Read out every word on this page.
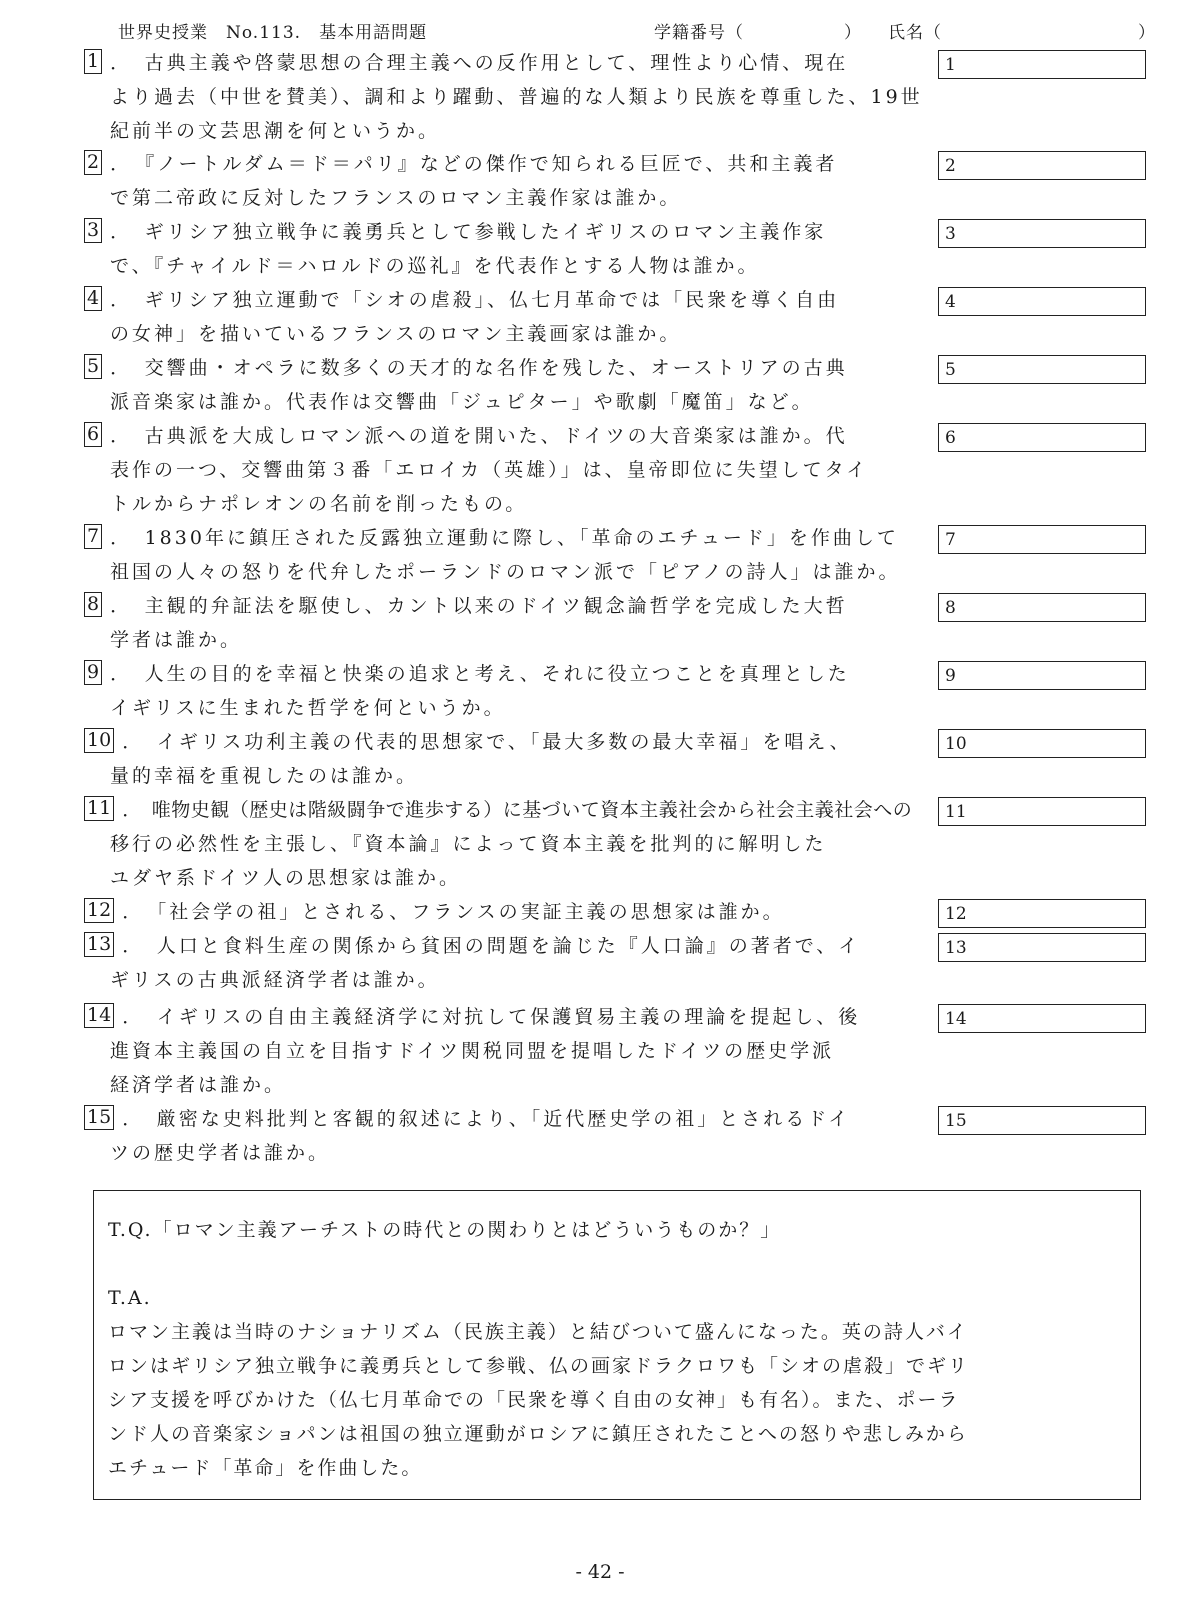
世界史授業　No.113.　基本用語問題	学籍番号（	） 氏名（	）
1 ．　古典主義や啓蒙思想の合理主義への反作用として、理性より心情、現在
より過去（中世を賛美）、調和より躍動、普遍的な人類より民族を尊重した、19世
紀前半の文芸思潮を何というか。
1
2 ．　『ノートルダム＝ド＝パリ』などの傑作で知られる巨匠で、共和主義者
で第二帝政に反対したフランスのロマン主義作家は誰か。
2
3 ．　ギリシア独立戦争に義勇兵として参戦したイギリスのロマン主義作家
で、『チャイルド＝ハロルドの巡礼』を代表作とする人物は誰か。
3
4 ．　ギリシア独立運動で「シオの虐殺」、仏七月革命では「民衆を導く自由
の女神」を描いているフランスのロマン主義画家は誰か。
4
5 ．　交響曲・オペラに数多くの天才的な名作を残した、オーストリアの古典
派音楽家は誰か。代表作は交響曲「ジュピター」や歌劇「魔笛」など。
5
6 ．　古典派を大成しロマン派への道を開いた、ドイツの大音楽家は誰か。代
表作の一つ、交響曲第３番「エロイカ（英雄）」は、皇帝即位に失望してタイ
トルからナポレオンの名前を削ったもの。
6
7 ．　1830年に鎮圧された反露独立運動に際し、「革命のエチュード」を作曲して
祖国の人々の怒りを代弁したポーランドのロマン派で「ピアノの詩人」は誰か。
7
8 ．　主観的弁証法を駆使し、カント以来のドイツ観念論哲学を完成した大哲
学者は誰か。
8
9 ．　人生の目的を幸福と快楽の追求と考え、それに役立つことを真理とした
イギリスに生まれた哲学を何というか。
9
10 ．　イギリス功利主義の代表的思想家で、「最大多数の最大幸福」を唱え、
量的幸福を重視したのは誰か。
10
11 ．　唯物史観（歴史は階級闘争で進歩する）に基づいて資本主義社会から社会主義社会への
移行の必然性を主張し、『資本論』によって資本主義を批判的に解明した
ユダヤ系ドイツ人の思想家は誰か。
11
12 ．　「社会学の祖」とされる、フランスの実証主義の思想家は誰か。	12
13 ．　人口と食料生産の関係から貧困の問題を論じた『人口論』の著者で、イ
ギリスの古典派経済学者は誰か。
13
14 ．　イギリスの自由主義経済学に対抗して保護貿易主義の理論を提起し、後
進資本主義国の自立を目指すドイツ関税同盟を提唱したドイツの歴史学派
経済学者は誰か。
14
15 ．　厳密な史料批判と客観的叙述により、「近代歴史学の祖」とされるドイ
ツの歴史学者は誰か。
15
T.Q.「ロマン主義アーチストの時代との関わりとはどういうものか？」
T.A.
ロマン主義は当時のナショナリズム（民族主義）と結びついて盛んになった。英の詩人バイ
ロンはギリシア独立戦争に義勇兵として参戦、仏の画家ドラクロワも「シオの虐殺」でギリ
シア支援を呼びかけた（仏七月革命での「民衆を導く自由の女神」も有名）。また、ポーラ
ンド人の音楽家ショパンは祖国の独立運動がロシアに鎮圧されたことへの怒りや悲しみから
エチュード「革命」を作曲した。
- 42 -
